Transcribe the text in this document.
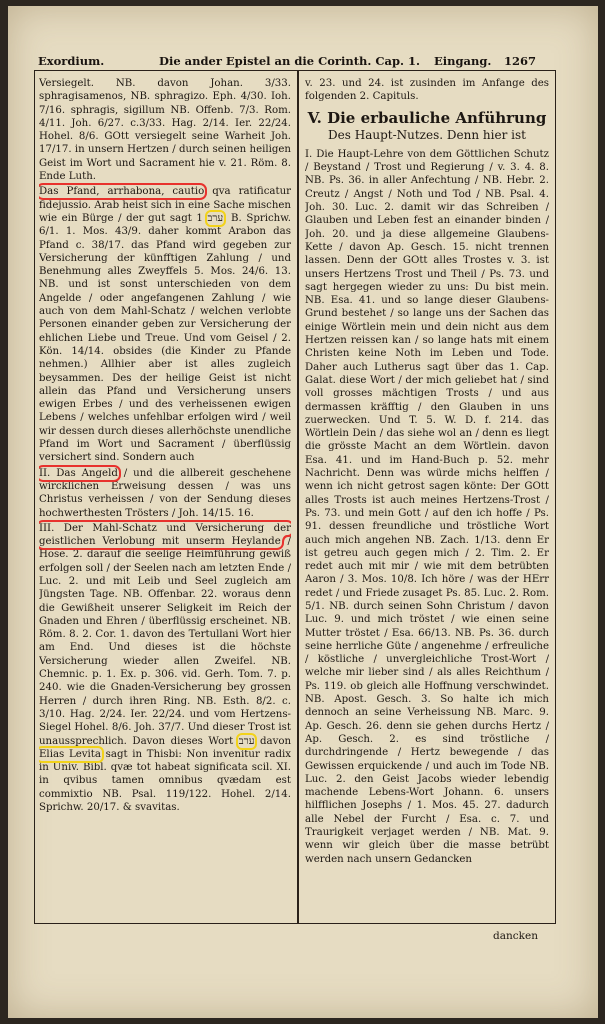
Exordium.	Die ander Epistel an die Corinth. Cap. 1. Eingang. 1267

Versiegelt. NB. davon Johan. 3/33. sphragisamenos, NB. sphragizo. Eph. 4/30. Ioh. 7/16. sphragis, sigillum NB. Offenb. 7/3. Rom. 4/11. Joh. 6/27. c.3/33. Hag. 2/14. Ier. 22/24. Hohel. 8/6. GOtt versiegelt seine Warheit Joh. 17/17. in unsern Hertzen / durch seinen heiligen Geist im Wort und Sacrament hie v. 21. Röm. 8. Ende Luth.

Das Pfand, arrhabona, cautio qva ratificatur fidejussio. Arab heist sich in eine Sache mischen wie ein Bürge / der gut sagt ערב 1. B. Sprichw. 6/1. 1. Mos. 43/9. daher kommt Arabon das Pfand c. 38/17. das Pfand wird gegeben zur Versicherung der künfftigen Zahlung / und Benehmung alles Zweyffels 5. Mos. 24/6. 13. NB. und ist sonst unterschieden von dem Angelde / oder angefangenen Zahlung / wie auch von dem Mahl-Schatz / welchen verlobte Personen einander geben zur Versicherung der ehlichen Liebe und Treue. Und vom Geisel / 2. Kön. 14/14. obsides (die Kinder zu Pfande nehmen.) Allhier aber ist alles zugleich beysammen. Des der heilige Geist ist nicht allein das Pfand und Versicherung unsers ewigen Erbes / und des verheissenen ewigen Lebens / welches unfehlbar erfolgen wird / weil wir dessen durch dieses allerhöchste unendliche Pfand im Wort und Sacrament / überflüssig versichert sind. Sondern auch

II. Das Angeld / und die allbereit geschehene wircklichen Erweisung dessen / was uns Christus verheissen / von der Sendung dieses hochwerthesten Trösters / Joh. 14/15. 16.

III. Der Mahl-Schatz und Versicherung der geistlichen Verlobung mit unserm Heylande / Hose. 2. darauf die seelige Heimführung gewiß erfolgen soll / der Seelen nach am letzten Ende / Luc. 2. und mit Leib und Seel zugleich am Jüngsten Tage. NB. Offenbar. 22. woraus denn die Gewißheit unserer Seligkeit im Reich der Gnaden und Ehren / überflüssig erscheinet. NB. Röm. 8. 2. Cor. 1. davon des Tertullani Wort hier am End. Und dieses ist die höchste Versicherung wieder allen Zweifel. NB. Chemnic. p. 1. Ex. p. 306. vid. Gerh. Tom. 7. p. 240. wie die Gnaden-Versicherung bey grossen Herren / durch ihren Ring. NB. Esth. 8/2. c. 3/10. Hag. 2/24. Ier. 22/24. und vom Hertzens-Siegel Hohel. 8/6. Joh. 37/7. Und dieser Trost ist unaussprechlich. Davon dieses Wort ערב davon Elias Levita sagt in Thisbi: Non invenitur radix in Univ. Bibl. qvæ tot habeat significata scil. XI. in qvibus tamen omnibus qvædam est commixtio NB. Psal. 119/122. Hohel. 2/14. Sprichw. 20/17. & svavitas.

v. 23. und 24. ist zusinden im Anfange des folgenden 2. Capituls.

V. Die erbauliche Anführung
Des Haupt-Nutzes. Denn hier ist

I. Die Haupt-Lehre von dem Göttlichen Schutz / Beystand / Trost und Regierung / v. 3. 4. 8. NB. Ps. 36. in aller Anfechtung / NB. Hebr. 2. Creutz / Angst / Noth und Tod / NB. Psal. 4. Joh. 30. Luc. 2. damit wir das Schreiben / Glauben und Leben fest an einander binden / Joh. 20. und ja diese allgemeine Glaubens-Kette / davon Ap. Gesch. 15. nicht trennen lassen. Denn der GOtt alles Trostes v. 3. ist unsers Hertzens Trost und Theil / Ps. 73. und sagt hergegen wieder zu uns: Du bist mein. NB. Esa. 41. und so lange dieser Glaubens-Grund bestehet / so lange uns der Sachen das einige Wörtlein mein und dein nicht aus dem Hertzen reissen kan / so lange hats mit einem Christen keine Noth im Leben und Tode. Daher auch Lutherus sagt über das 1. Cap. Galat. diese Wort / der mich geliebet hat / sind voll grosses mächtigen Trosts / und aus dermassen kräfftig / den Glauben in uns zuerwecken. Und T. 5. W. D. f. 214. das Wörtlein Dein / das siehe wol an / denn es liegt die grösste Macht an dem Wörtlein. davon Esa. 41. und im Hand-Buch p. 52. mehr Nachricht. Denn was würde michs helffen / wenn ich nicht getrost sagen könte: Der GOtt alles Trosts ist auch meines Hertzens-Trost / Ps. 73. und mein Gott / auf den ich hoffe / Ps. 91. dessen freundliche und tröstliche Wort auch mich angehen NB. Zach. 1/13. denn Er ist getreu auch gegen mich / 2. Tim. 2. Er redet auch mit mir / wie mit dem betrübten Aaron / 3. Mos. 10/8. Ich höre / was der HErr redet / und Friede zusaget Ps. 85. Luc. 2. Rom. 5/1. NB. durch seinen Sohn Christum / davon Luc. 9. und mich tröstet / wie einen seine Mutter tröstet / Esa. 66/13. NB. Ps. 36. durch seine herrliche Güte / angenehme / erfreuliche / köstliche / unvergleichliche Trost-Wort / welche mir lieber sind / als alles Reichthum / Ps. 119. ob gleich alle Hoffnung verschwindet. NB. Apost. Gesch. 3. So halte ich mich dennoch an seine Verheissung NB. Marc. 9. Ap. Gesch. 26. denn sie gehen durchs Hertz / Ap. Gesch. 2. es sind tröstliche / durchdringende / Hertz bewegende / das Gewissen erquickende / und auch im Tode NB. Luc. 2. den Geist Jacobs wieder lebendig machende Lebens-Wort Johann. 6. unsers hilfflichen Josephs / 1. Mos. 45. 27. dadurch alle Nebel der Furcht / Esa. c. 7. und Traurigkeit verjaget werden / NB. Mat. 9. wenn wir gleich über die masse betrübt werden nach unsern Gedancken

dancken
